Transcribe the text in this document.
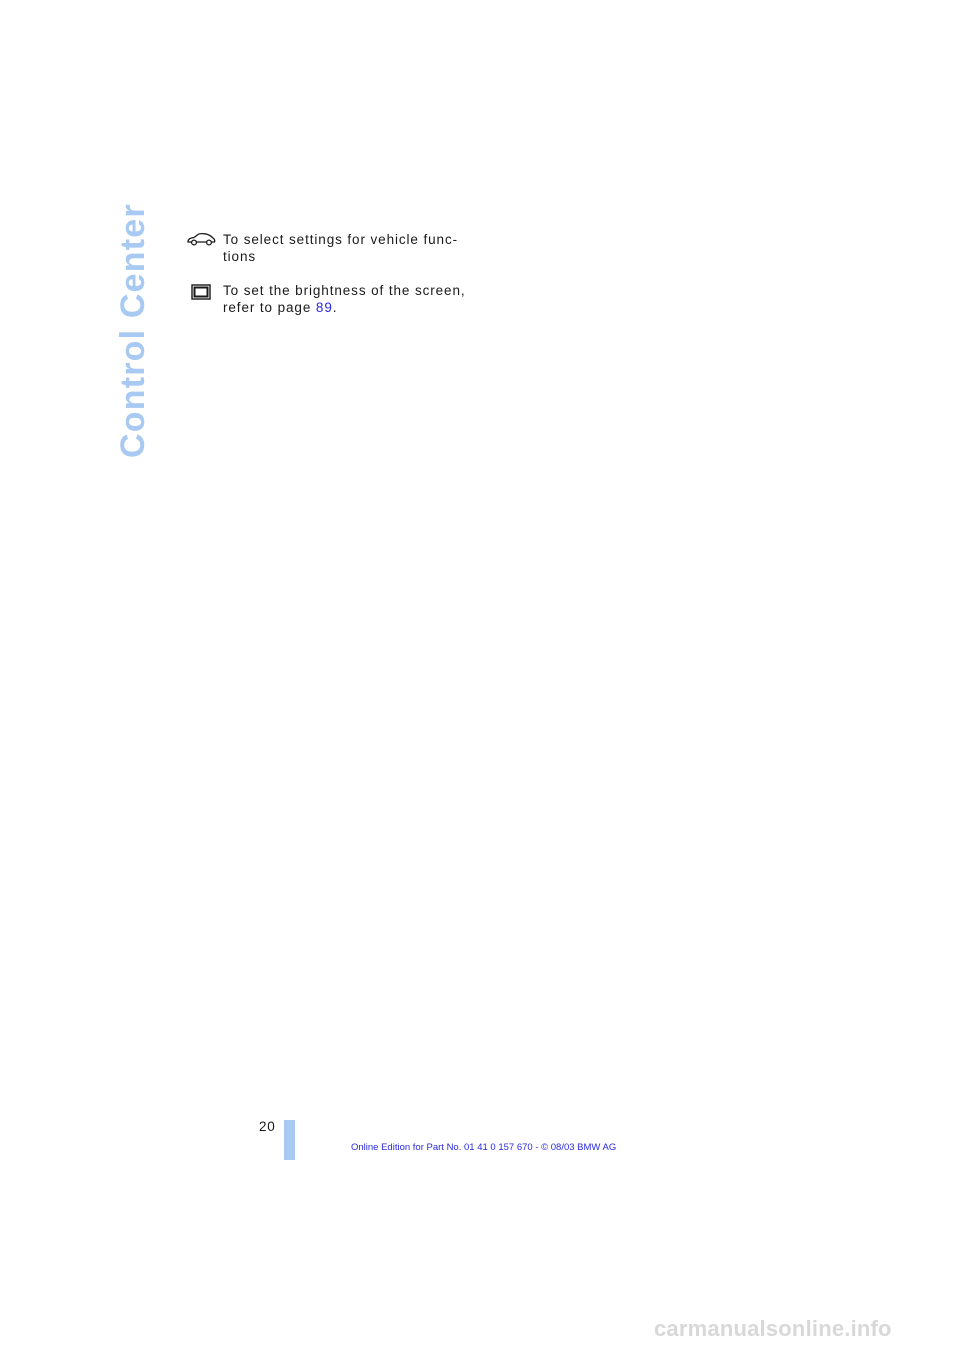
Control Center	To select settings for vehicle func-
tions
To set the brightness of the screen,
refer to page 89.
20
Online Edition for Part No. 01 41 0 157 670 - © 08/03 BMW AG
carmanualsonline.info
